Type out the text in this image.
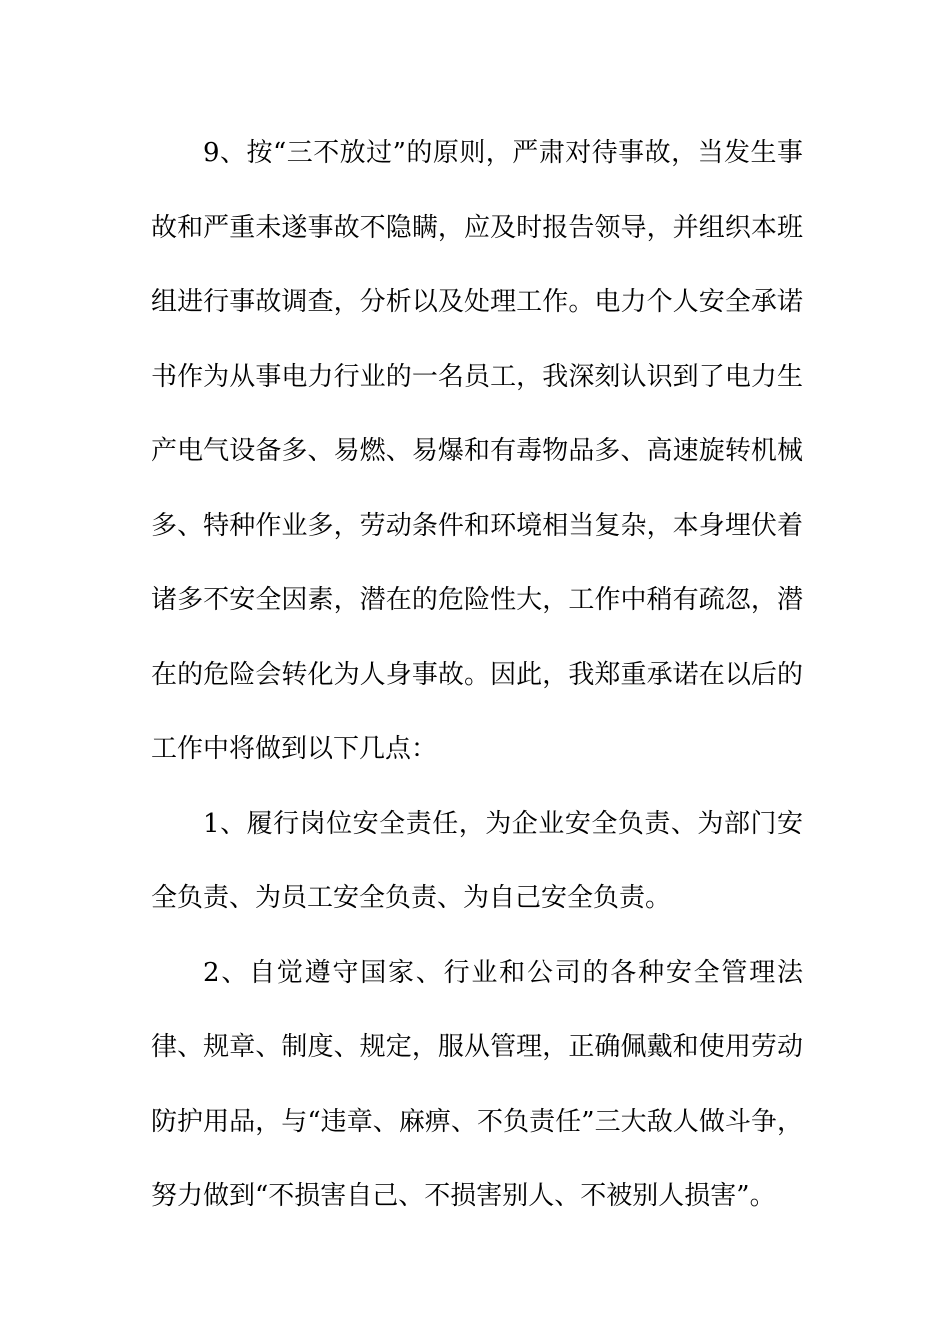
9、按“三不放过”的原则，严肃对待事故，当发生事故和严重未遂事故不隐瞒，应及时报告领导，并组织本班组进行事故调查，分析以及处理工作。电力个人安全承诺书作为从事电力行业的一名员工，我深刻认识到了电力生产电气设备多、易燃、易爆和有毒物品多、高速旋转机械多、特种作业多，劳动条件和环境相当复杂，本身埋伏着诸多不安全因素，潜在的危险性大，工作中稍有疏忽，潜在的危险会转化为人身事故。因此，我郑重承诺在以后的工作中将做到以下几点：

1、履行岗位安全责任，为企业安全负责、为部门安全负责、为员工安全负责、为自己安全负责。

2、自觉遵守国家、行业和公司的各种安全管理法律、规章、制度、规定，服从管理，正确佩戴和使用劳动防护用品，与“违章、麻痹、不负责任”三大敌人做斗争，努力做到“不损害自己、不损害别人、不被别人损害”。
